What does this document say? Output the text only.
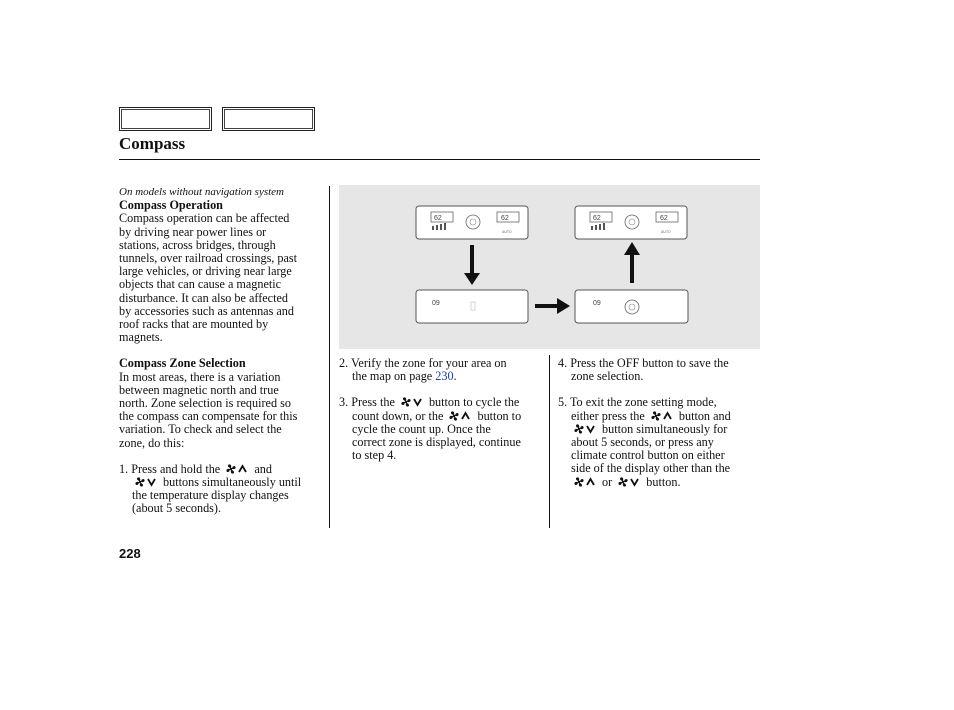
Compass

On models without navigation system

Compass Operation

Compass operation can be affected

by driving near power lines or

stations, across bridges, through

tunnels, over railroad crossings, past

large vehicles, or driving near large

objects that can cause a magnetic

disturbance. It can also be affected

by accessories such as antennas and

roof racks that are mounted by

magnets.

Compass Zone Selection

In most areas, there is a variation

between magnetic north and true

north. Zone selection is required so

the compass can compensate for this

variation. To check and select the

zone, do this:

1. Press and hold the	and

buttons simultaneously until

the temperature display changes

(about 5 seconds).

62	62
AUTO
62	62
AUTO
09	09

2. Verify the zone for your area on

the map on page 230.

3. Press the	button to cycle the

count down, or the	button to

cycle the count up. Once the

correct zone is displayed, continue

to step 4.

4. Press the OFF button to save the

zone selection.

5. To exit the zone setting mode,

either press the	button and

button simultaneously for

about 5 seconds, or press any

climate control button on either

side of the display other than the

or	button.

228
